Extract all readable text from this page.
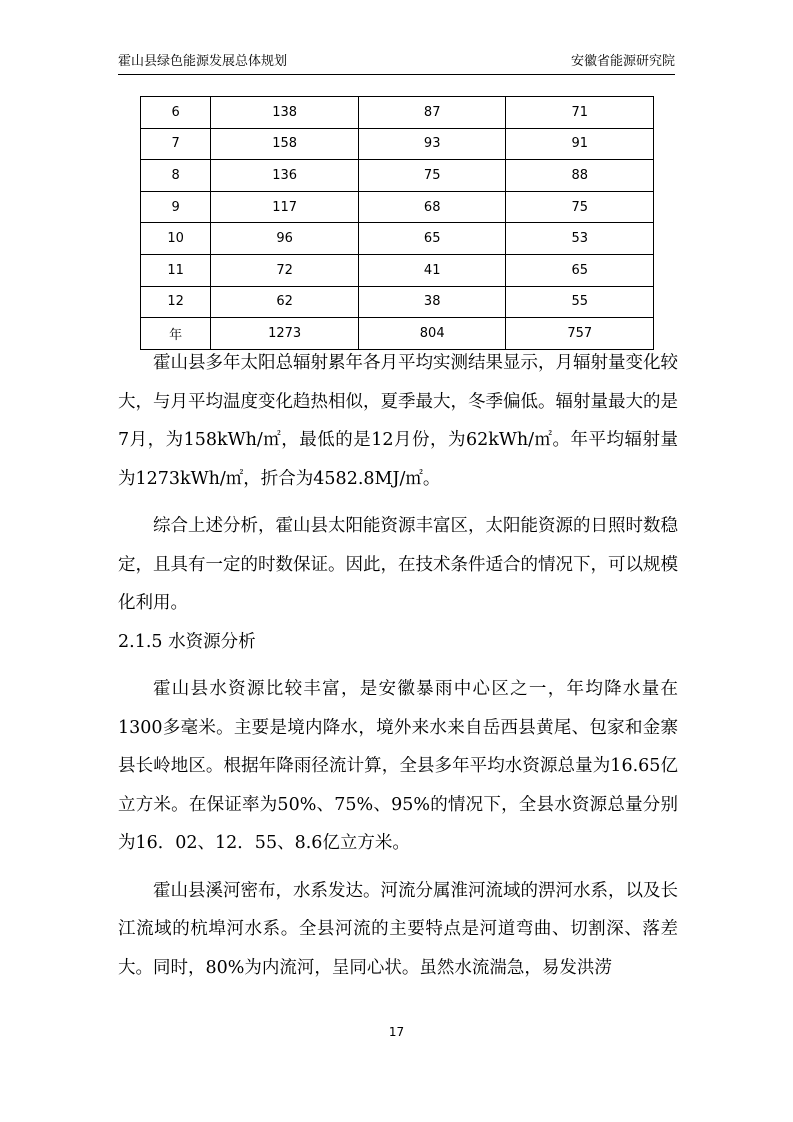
霍山县绿色能源发展总体规划	安徽省能源研究院
6	138	87	71
7	158	93	91
8	136	75	88
9	117	68	75
10	96	65	53
11	72	41	65
12	62	38	55
年	1273	804	757

霍山县多年太阳总辐射累年各月平均实测结果显示，月辐射量变化较大，与月平均温度变化趋热相似，夏季最大，冬季偏低。辐射量最大的是7月，为158kWh/㎡，最低的是12月份，为62kWh/㎡。年平均辐射量为1273kWh/㎡，折合为4582.8MJ/㎡。

综合上述分析，霍山县太阳能资源丰富区，太阳能资源的日照时数稳定，且具有一定的时数保证。因此，在技术条件适合的情况下，可以规模化利用。

2.1.5 水资源分析

霍山县水资源比较丰富，是安徽暴雨中心区之一，年均降水量在1300多毫米。主要是境内降水，境外来水来自岳西县黄尾、包家和金寨县长岭地区。根据年降雨径流计算，全县多年平均水资源总量为16.65亿立方米。在保证率为50%、75%、95%的情况下，全县水资源总量分别为16．02、12．55、8.6亿立方米。

霍山县溪河密布，水系发达。河流分属淮河流域的淠河水系，以及长江流域的杭埠河水系。全县河流的主要特点是河道弯曲、切割深、落差大。同时，80%为内流河，呈同心状。虽然水流湍急，易发洪涝

17
